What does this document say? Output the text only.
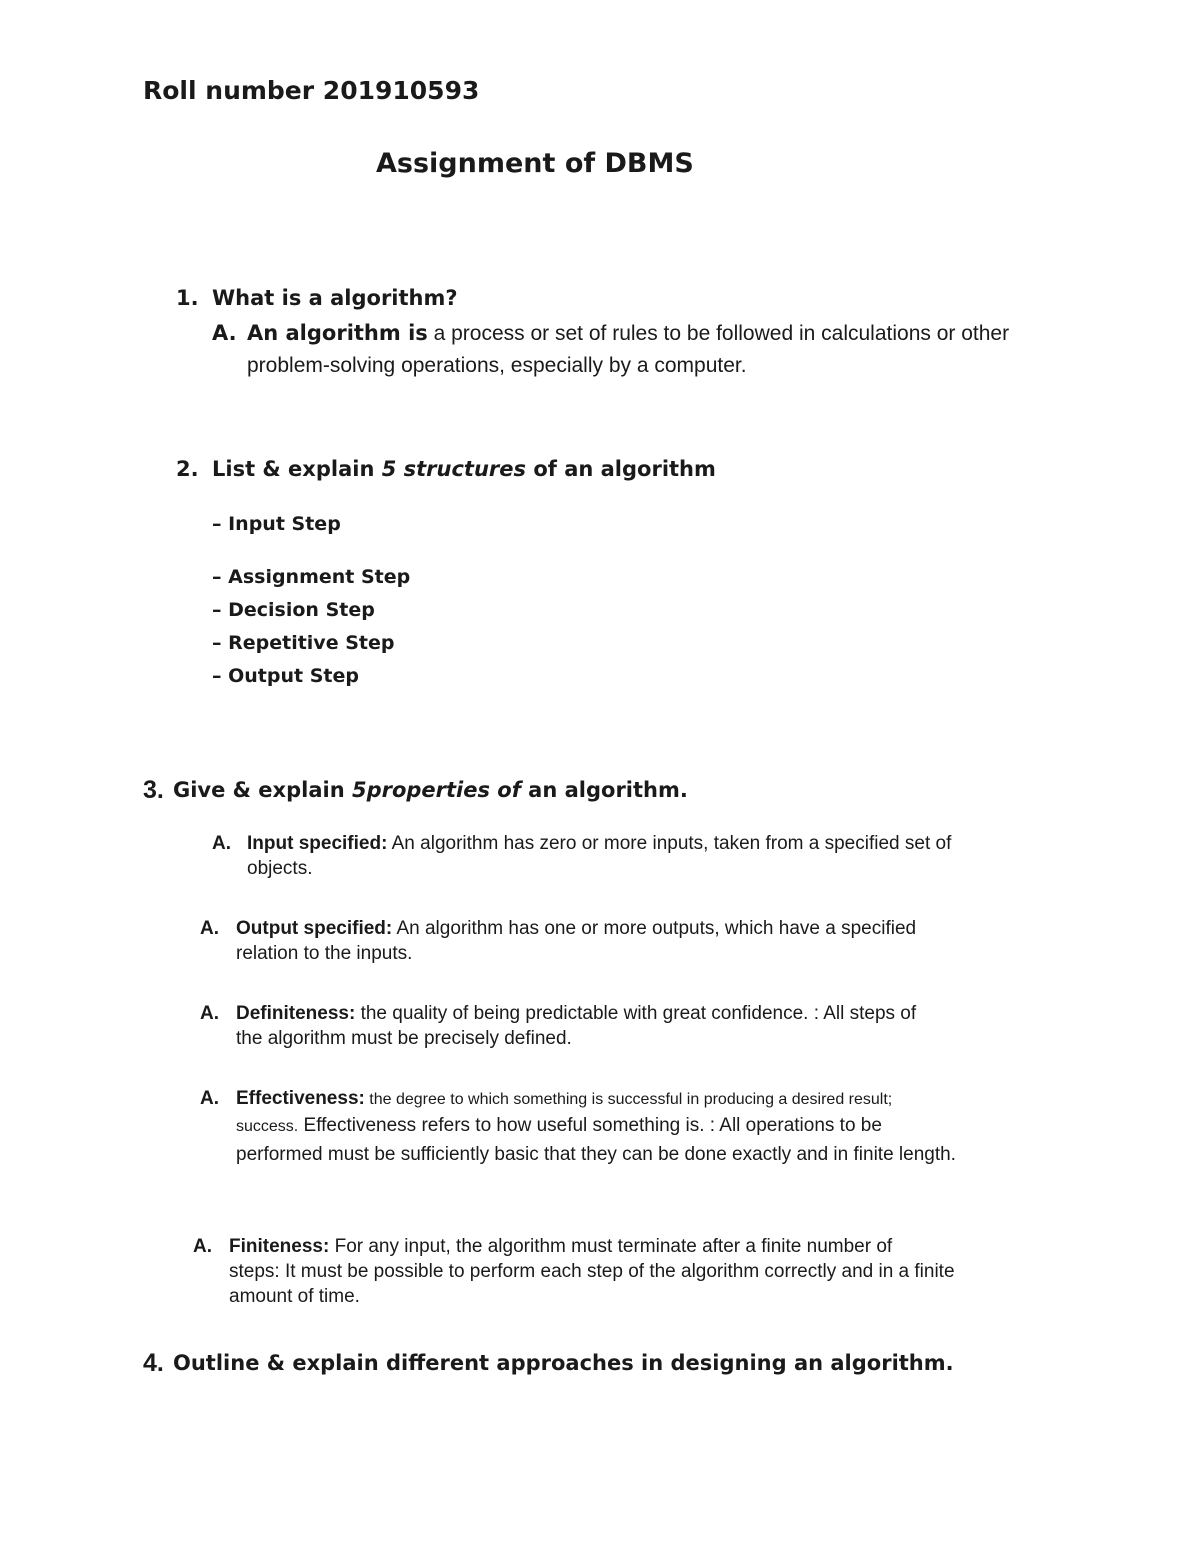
Roll number 201910593
Assignment of DBMS
1. What is a algorithm?
A. An algorithm is a process or set of rules to be followed in calculations or other
problem-solving operations, especially by a computer.
2. List & explain 5 structures of an algorithm
– Input Step
– Assignment Step
– Decision Step
– Repetitive Step
– Output Step
3. Give & explain 5properties of an algorithm.
A. Input specified: An algorithm has zero or more inputs, taken from a specified set of
objects.
A. Output specified: An algorithm has one or more outputs, which have a specified
relation to the inputs.
A. Definiteness: the quality of being predictable with great confidence. : All steps of
the algorithm must be precisely defined.
A. Effectiveness: the degree to which something is successful in producing a desired result;
success. Effectiveness refers to how useful something is. : All operations to be
performed must be sufficiently basic that they can be done exactly and in finite length.
A. Finiteness: For any input, the algorithm must terminate after a finite number of
steps: It must be possible to perform each step of the algorithm correctly and in a finite
amount of time.
4. Outline & explain different approaches in designing an algorithm.
